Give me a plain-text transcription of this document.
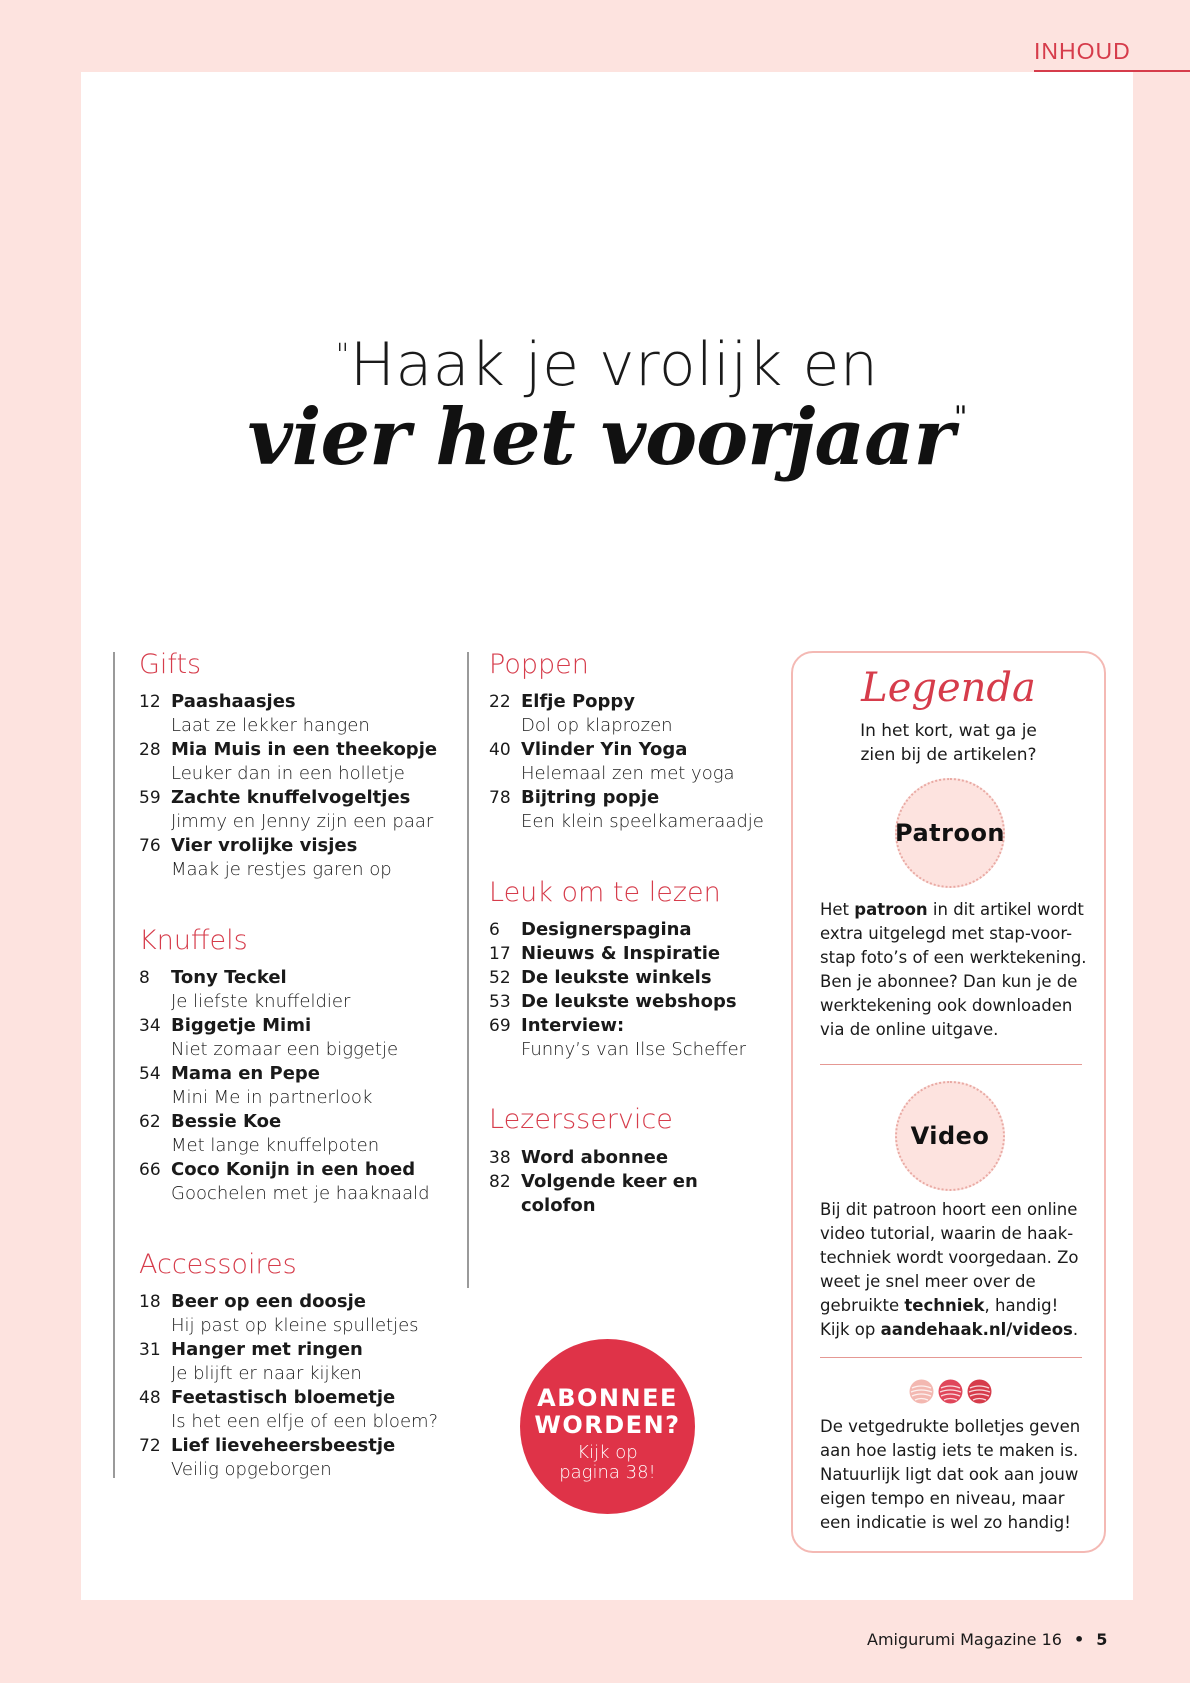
INHOUD
"Haak je vrolijk en
vier het voorjaar"
Gifts
12 Paashaasjes
Laat ze lekker hangen
28 Mia Muis in een theekopje
Leuker dan in een holletje
59 Zachte knuffelvogeltjes
Jimmy en Jenny zijn een paar
76 Vier vrolijke visjes
Maak je restjes garen op
Knuffels
8	Tony Teckel
Je liefste knuffeldier
34 Biggetje Mimi
Niet zomaar een biggetje
54 Mama en Pepe
Mini Me in partnerlook
62 Bessie Koe
Met lange knuffelpoten
66 Coco Konijn in een hoed
Goochelen met je haaknaald
Accessoires
18 Beer op een doosje
Hij past op kleine spulletjes
31 Hanger met ringen
Je blijft er naar kijken
48 Feetastisch bloemetje
Is het een elfje of een bloem?
72 Lief lieveheersbeestje
Veilig opgeborgen
Poppen
22 Elfje Poppy
Dol op klaprozen
40 Vlinder Yin Yoga
Helemaal zen met yoga
78 Bijtring popje
Een klein speelkameraadje
Leuk om te lezen
6	Designerspagina
17 Nieuws & Inspiratie
52 De leukste winkels
53 De leukste webshops
69 Interview:
Funny’s van Ilse Scheffer
Lezersservice
38 Word abonnee
82 Volgende keer en
colofon
ABONNEE
WORDEN?
Kijk op
pagina 38!
Legenda
In het kort, wat ga je
zien bij de artikelen?
Patroon
Het patroon in dit artikel wordt extra uitgelegd met stap-voor-stap foto’s of een werktekening. Ben je abonnee? Dan kun je de werktekening ook downloaden via de online uitgave.
Video
Bij dit patroon hoort een online video tutorial, waarin de haak-techniek wordt voorgedaan. Zo weet je snel meer over de gebruikte techniek, handig! Kijk op aandehaak.nl/videos.
De vetgedrukte bolletjes geven aan hoe lastig iets te maken is. Natuurlijk ligt dat ook aan jouw eigen tempo en niveau, maar een indicatie is wel zo handig!
Amigurumi Magazine 16 • 5
